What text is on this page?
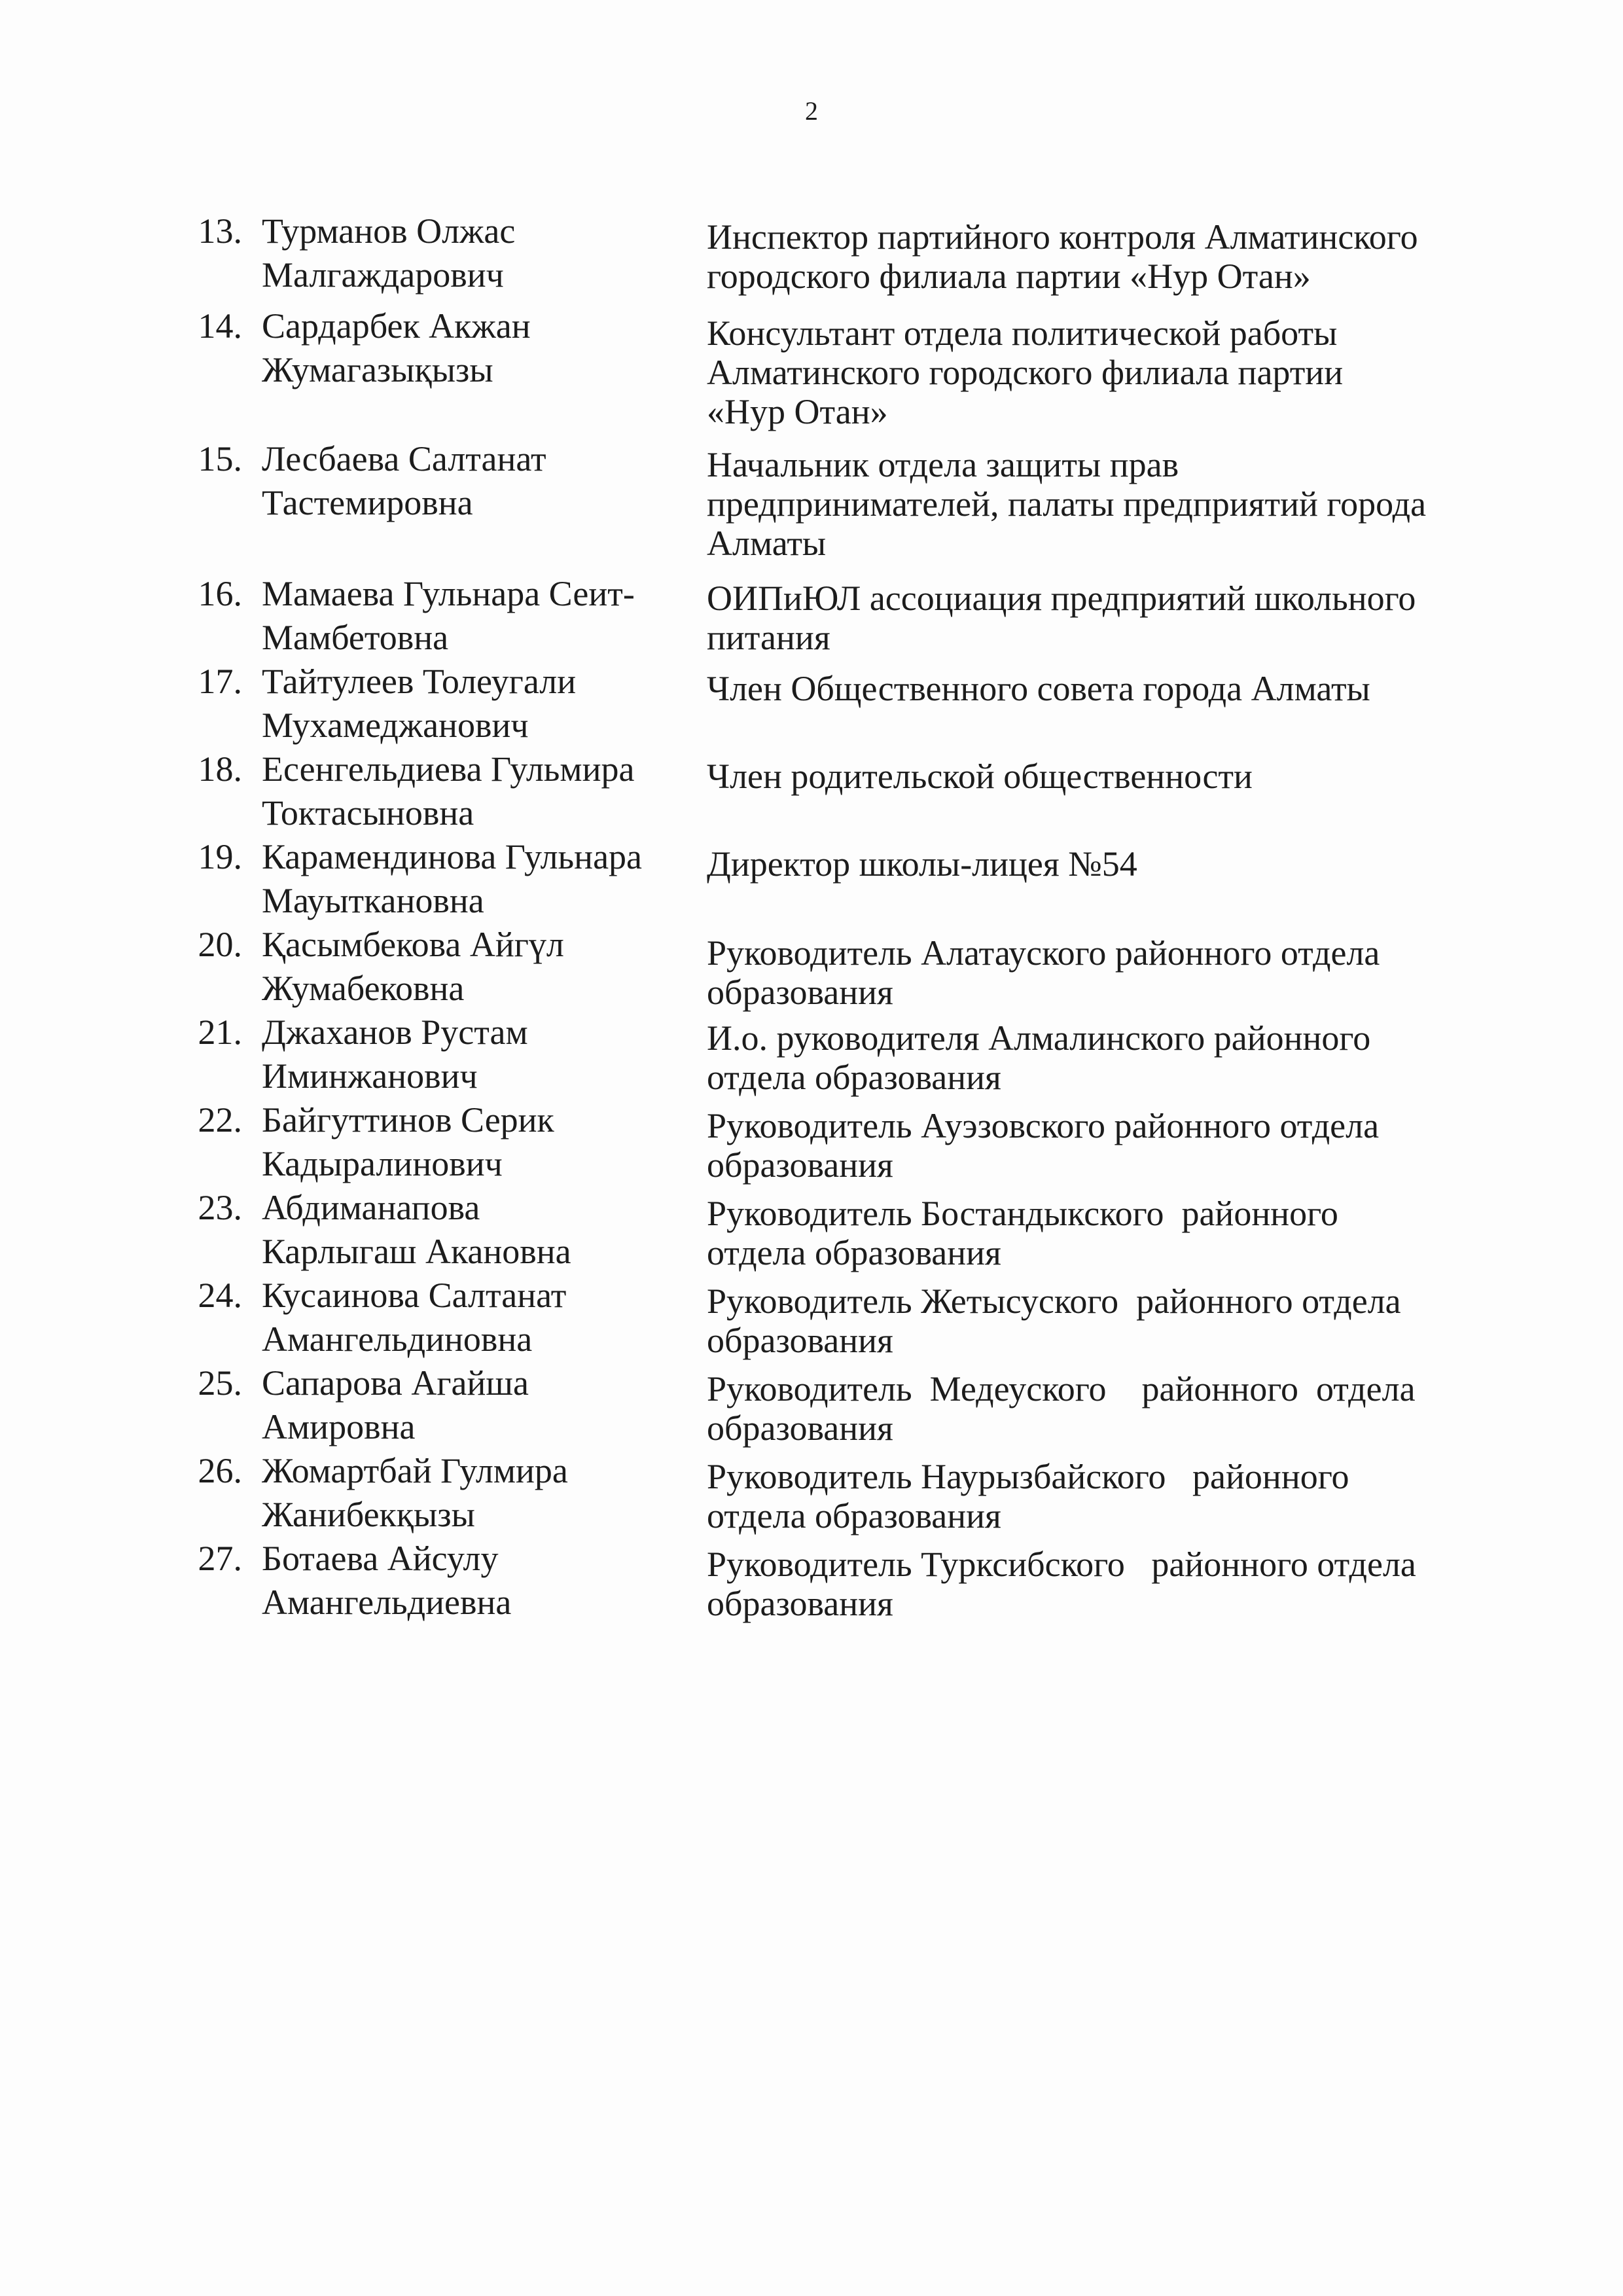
2
13. Турманов Олжас
Малгаждарович
Инспектор партийного контроля Алматинского
городского филиала партии «Нур Отан»
14. Сардарбек Акжан
Жумагазықызы
Консультант отдела политической работы
Алматинского городского филиала партии
«Нур Отан»
15. Лесбаева Салтанат
Тастемировна
Начальник отдела защиты прав
предпринимателей, палаты предприятий города
Алматы
16. Мамаева Гульнара Сеит-
Мамбетовна
ОИПиЮЛ ассоциация предприятий школьного
питания
17. Тайтулеев Толеугали
Мухамеджанович
Член Общественного совета города Алматы
18. Есенгельдиева Гульмира
Токтасыновна
Член родительской общественности
19. Карамендинова Гульнара
Мауыткановна
Директор школы-лицея №54
20. Қасымбекова Айгүл
Жумабековна
Руководитель Алатауского районного отдела
образования
21. Джаханов Рустам
Иминжанович
И.о. руководителя Алмалинского районного
отдела образования
22. Байгуттинов Серик
Кадыралинович
Руководитель Ауэзовского районного отдела
образования
23. Абдиманапова
Карлыгаш Акановна
Руководитель Бостандыкского  районного
отдела образования
24. Кусаинова Салтанат
Амангельдиновна
Руководитель Жетысуского  районного отдела
образования
25. Сапарова Агайша
Амировна
Руководитель  Медеуского    районного  отдела
образования
26. Жомартбай Гулмира
Жанибекқызы
Руководитель Наурызбайского   районного
отдела образования
27. Ботаева Айсулу
Амангельдиевна
Руководитель Турксибского   районного отдела
образования
